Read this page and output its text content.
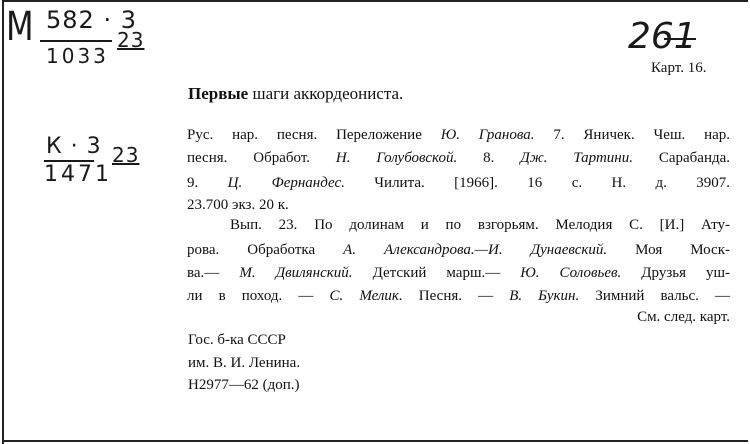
М 582 · 3
1033
23
К · 3
1471
23
261
Карт. 16.
Первые шаги аккордеониста.
Рус. нар. песня. Переложение Ю. Гранова. 7. Яничек. Чеш. нар.
песня. Обработ. Н. Голубовской. 8. Дж. Тартини. Сарабанда.
9. Ц. Фернандес. Чилита. [1966]. 16 с. Н. д. 3907.
23.700 экз. 20 к.
Вып. 23. По долинам и по взгорьям. Мелодия С. [И.] Ату-
рова. Обработка А. Александрова.—И. Дунаевский. Моя Моск-
ва.— М. Двилянский. Детский марш.— Ю. Соловьев. Друзья уш-
ли в поход. — С. Мелик. Песня. — В. Букин. Зимний вальс. —
См. след. карт.
Гос. б-ка СССР
им. В. И. Ленина.
Н2977—62 (доп.)
